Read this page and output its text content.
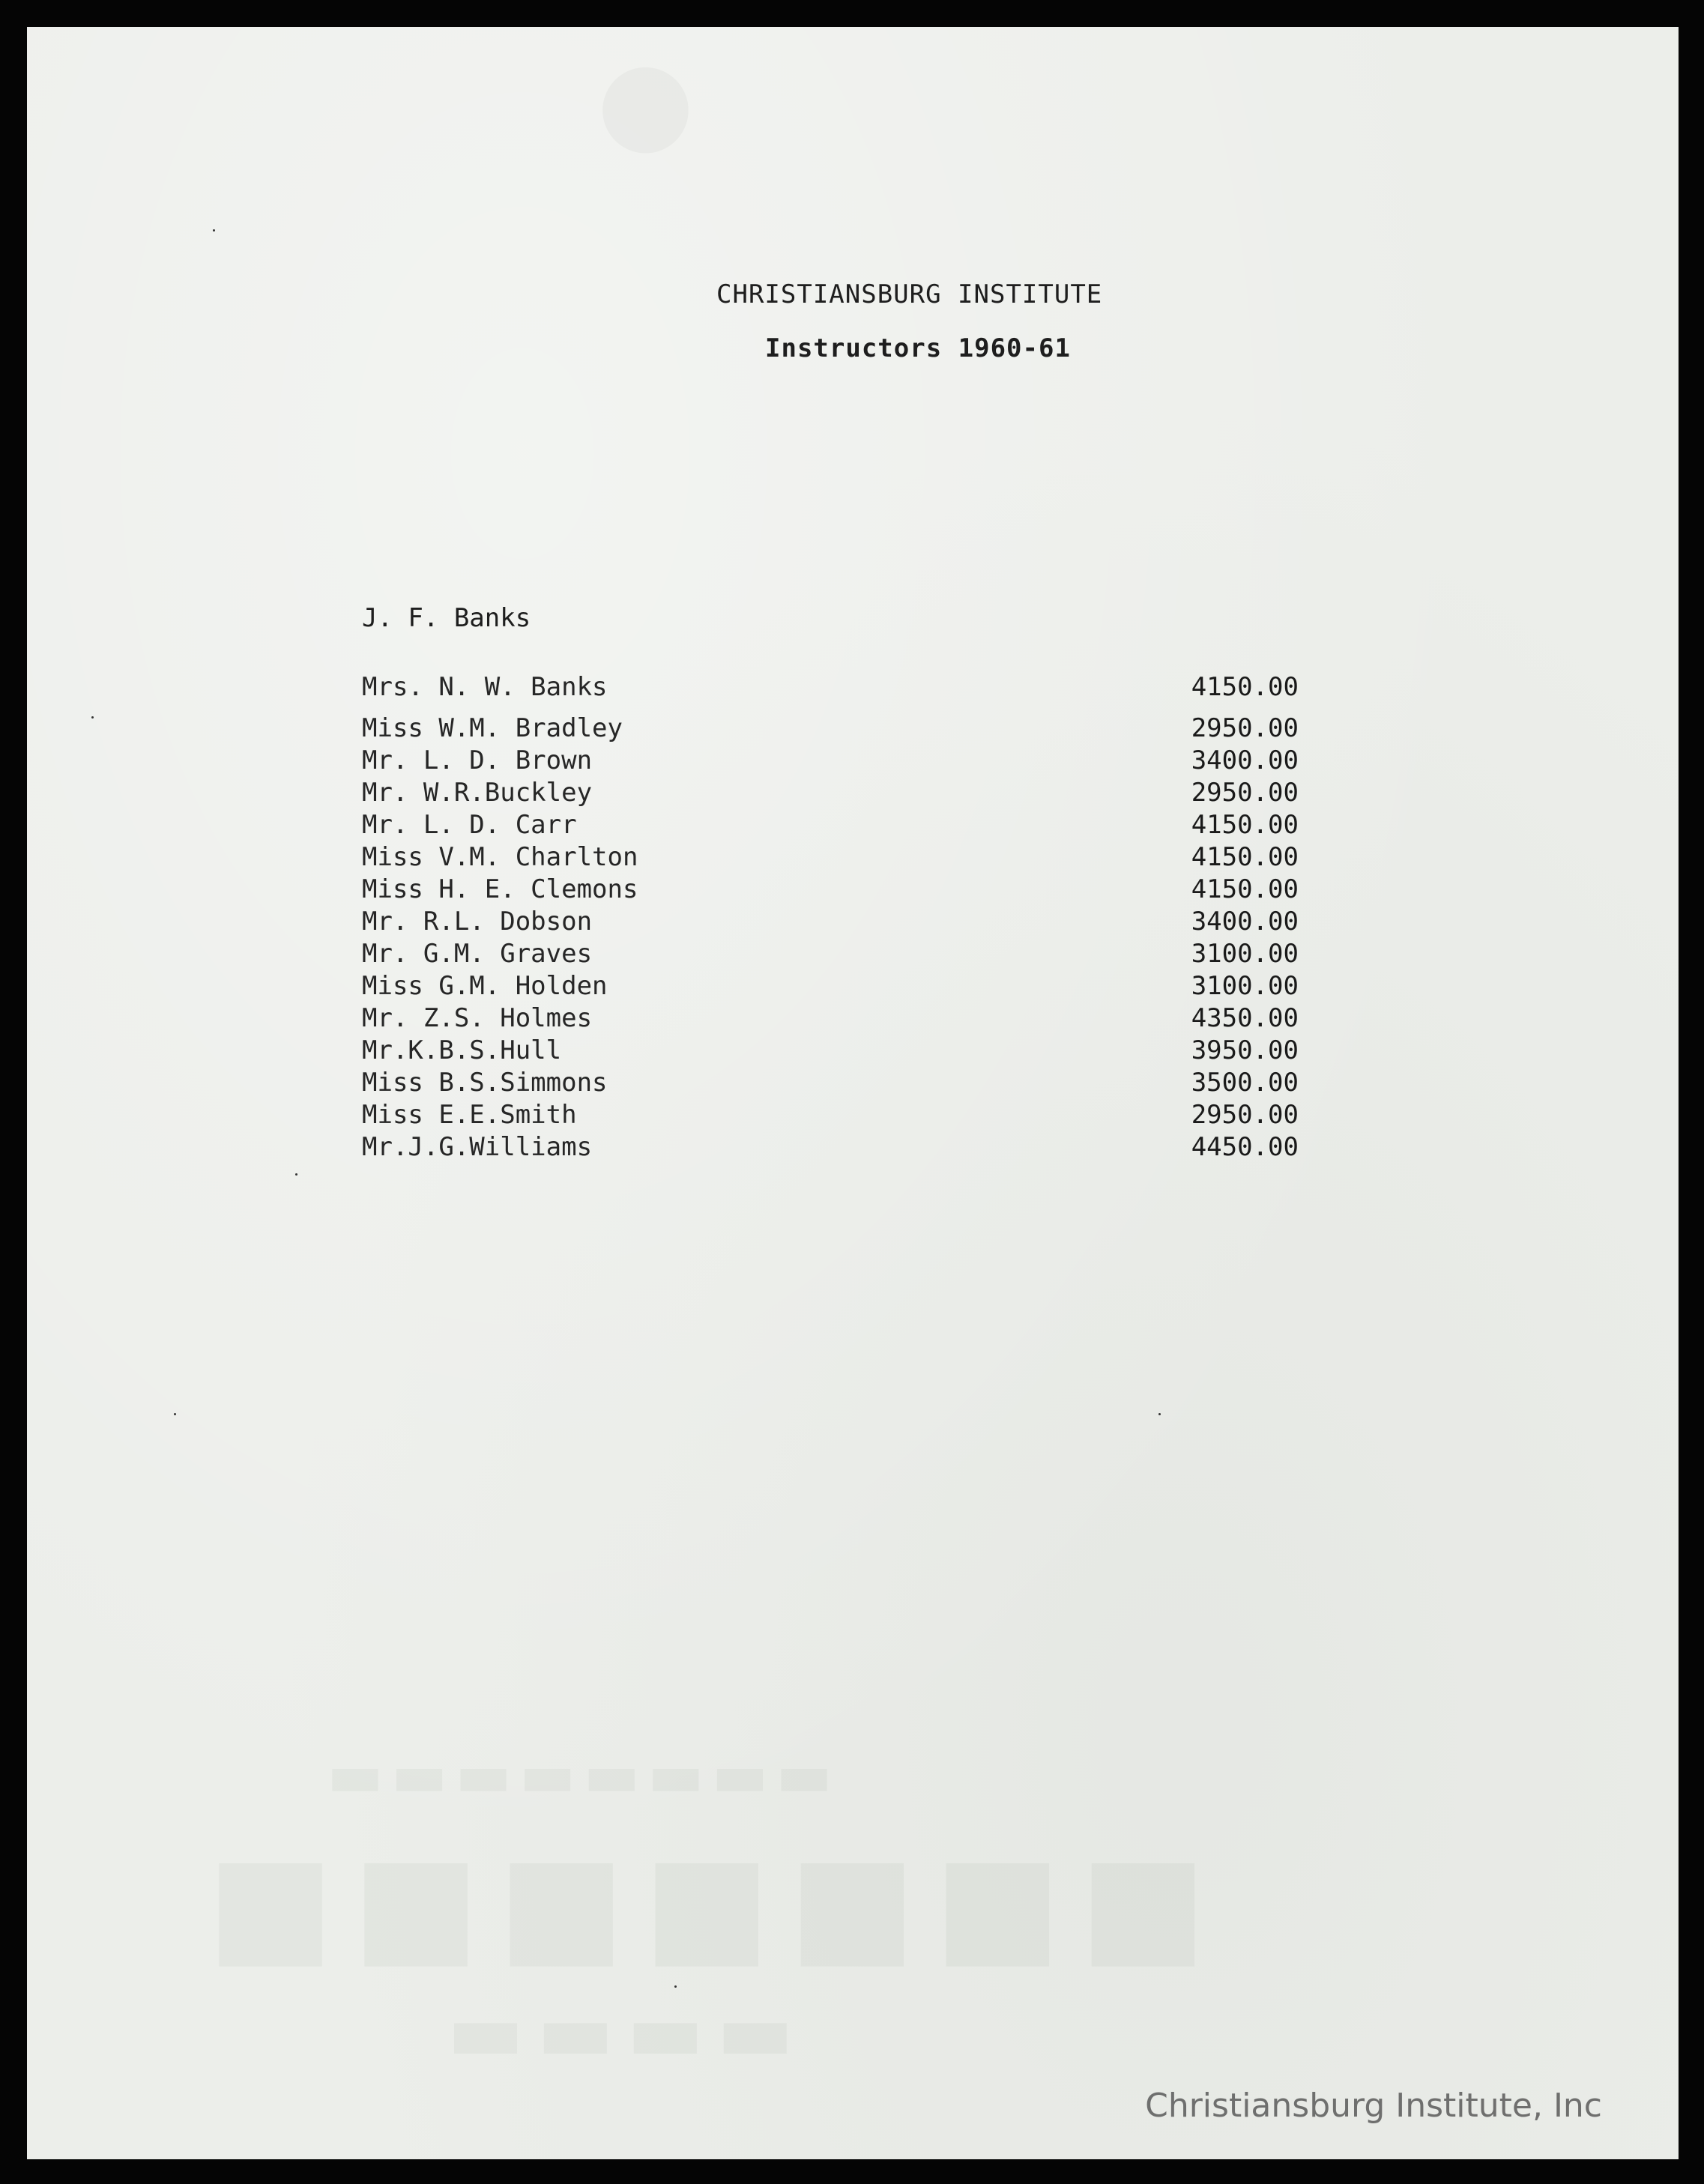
●
▬▬▬▬▬▬▬▬
■■■■■■■
▬▬▬▬

CHRISTIANSBURG INSTITUTE

Instructors 1960-61

J. F. Banks
Mrs. N. W. Banks	4150.00
Miss W.M. Bradley	2950.00
Mr. L. D. Brown	3400.00
Mr. W.R.Buckley	2950.00
Mr. L. D. Carr	4150.00
Miss V.M. Charlton	4150.00
Miss H. E. Clemons	4150.00
Mr. R.L. Dobson	3400.00
Mr. G.M. Graves	3100.00
Miss G.M. Holden	3100.00
Mr. Z.S. Holmes	4350.00
Mr.K.B.S.Hull	3950.00
Miss B.S.Simmons	3500.00
Miss E.E.Smith	2950.00
Mr.J.G.Williams	4450.00
Christiansburg Institute, Inc
